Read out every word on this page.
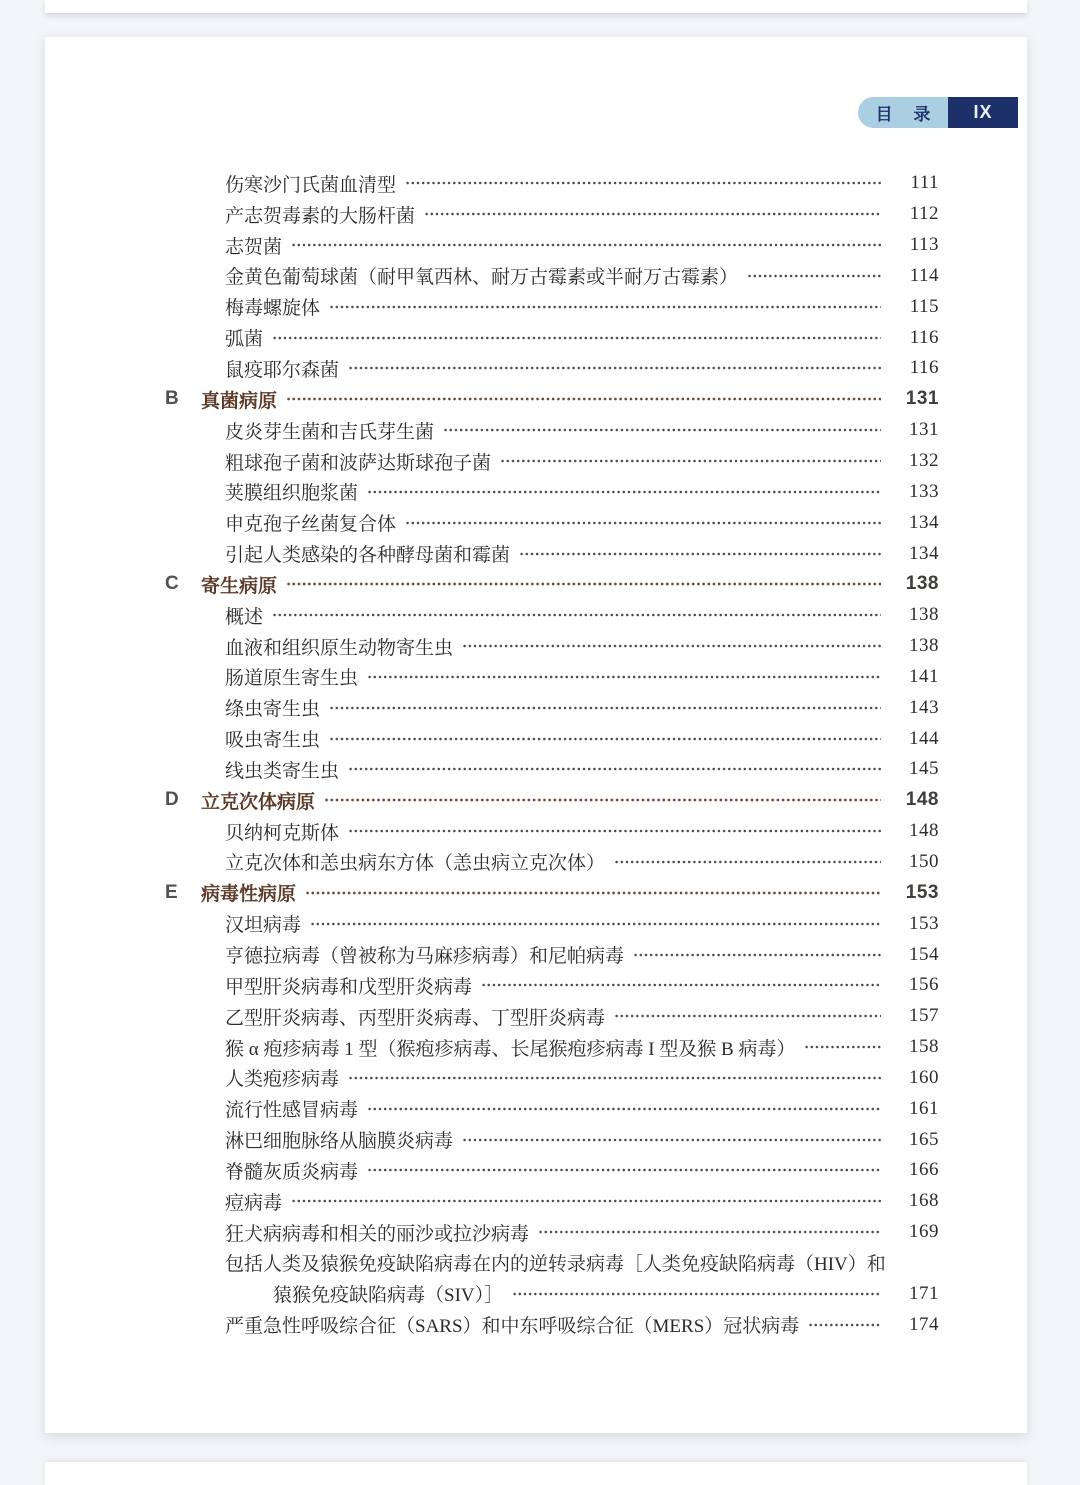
目 录 IX
伤寒沙门氏菌血清型	111
产志贺毒素的大肠杆菌	112
志贺菌	113
金黄色葡萄球菌（耐甲氧西林、耐万古霉素或半耐万古霉素）	114
梅毒螺旋体	115
弧菌	116
鼠疫耶尔森菌	116
B	真菌病原	131
皮炎芽生菌和吉氏芽生菌	131
粗球孢子菌和波萨达斯球孢子菌	132
荚膜组织胞浆菌	133
申克孢子丝菌复合体	134
引起人类感染的各种酵母菌和霉菌	134
C	寄生病原	138
概述	138
血液和组织原生动物寄生虫	138
肠道原生寄生虫	141
绦虫寄生虫	143
吸虫寄生虫	144
线虫类寄生虫	145
D	立克次体病原	148
贝纳柯克斯体	148
立克次体和恙虫病东方体（恙虫病立克次体）	150
E	病毒性病原	153
汉坦病毒	153
亨德拉病毒（曾被称为马麻疹病毒）和尼帕病毒	154
甲型肝炎病毒和戊型肝炎病毒	156
乙型肝炎病毒、丙型肝炎病毒、丁型肝炎病毒	157
猴 α 疱疹病毒 1 型（猴疱疹病毒、长尾猴疱疹病毒 I 型及猴 B 病毒）	158
人类疱疹病毒	160
流行性感冒病毒	161
淋巴细胞脉络从脑膜炎病毒	165
脊髓灰质炎病毒	166
痘病毒	168
狂犬病病毒和相关的丽沙或拉沙病毒	169
包括人类及猿猴免疫缺陷病毒在内的逆转录病毒［人类免疫缺陷病毒（HIV）和
猿猴免疫缺陷病毒（SIV）］	171
严重急性呼吸综合征（SARS）和中东呼吸综合征（MERS）冠状病毒	174
